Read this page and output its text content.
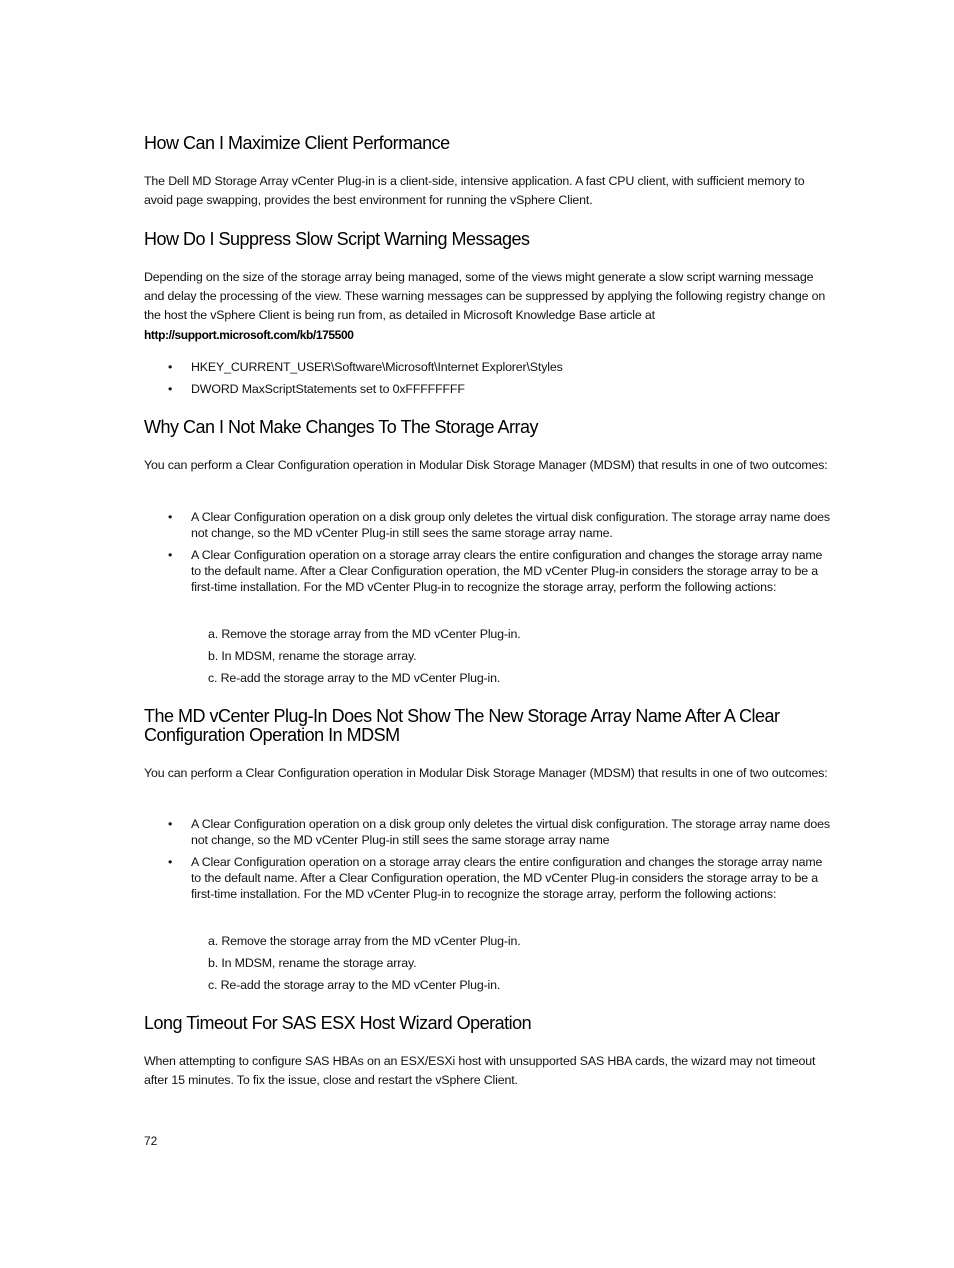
How Can I Maximize Client Performance

The Dell MD Storage Array vCenter Plug-in is a client-side, intensive application. A fast CPU client, with sufficient memory to avoid page swapping, provides the best environment for running the vSphere Client.

How Do I Suppress Slow Script Warning Messages

Depending on the size of the storage array being managed, some of the views might generate a slow script warning message and delay the processing of the view. These warning messages can be suppressed by applying the following registry change on the host the vSphere Client is being run from, as detailed in Microsoft Knowledge Base article at

http://support.microsoft.com/kb/175500

• HKEY_CURRENT_USER\Software\Microsoft\Internet Explorer\Styles
• DWORD MaxScriptStatements set to 0xFFFFFFFF
Why Can I Not Make Changes To The Storage Array

You can perform a Clear Configuration operation in Modular Disk Storage Manager (MDSM) that results in one of two outcomes:

• A Clear Configuration operation on a disk group only deletes the virtual disk configuration. The storage array name does not change, so the MD vCenter Plug-in still sees the same storage array name.
• A Clear Configuration operation on a storage array clears the entire configuration and changes the storage array name to the default name. After a Clear Configuration operation, the MD vCenter Plug-in considers the storage array to be a first-time installation. For the MD vCenter Plug-in to recognize the storage array, perform the following actions:
a. Remove the storage array from the MD vCenter Plug-in.
b. In MDSM, rename the storage array.
c. Re-add the storage array to the MD vCenter Plug-in.
The MD vCenter Plug-In Does Not Show The New Storage Array Name After A Clear Configuration Operation In MDSM

You can perform a Clear Configuration operation in Modular Disk Storage Manager (MDSM) that results in one of two outcomes:

• A Clear Configuration operation on a disk group only deletes the virtual disk configuration. The storage array name does not change, so the MD vCenter Plug-in still sees the same storage array name
• A Clear Configuration operation on a storage array clears the entire configuration and changes the storage array name to the default name. After a Clear Configuration operation, the MD vCenter Plug-in considers the storage array to be a first-time installation. For the MD vCenter Plug-in to recognize the storage array, perform the following actions:
a. Remove the storage array from the MD vCenter Plug-in.
b. In MDSM, rename the storage array.
c. Re-add the storage array to the MD vCenter Plug-in.
Long Timeout For SAS ESX Host Wizard Operation

When attempting to configure SAS HBAs on an ESX/ESXi host with unsupported SAS HBA cards, the wizard may not timeout after 15 minutes. To fix the issue, close and restart the vSphere Client.

72
